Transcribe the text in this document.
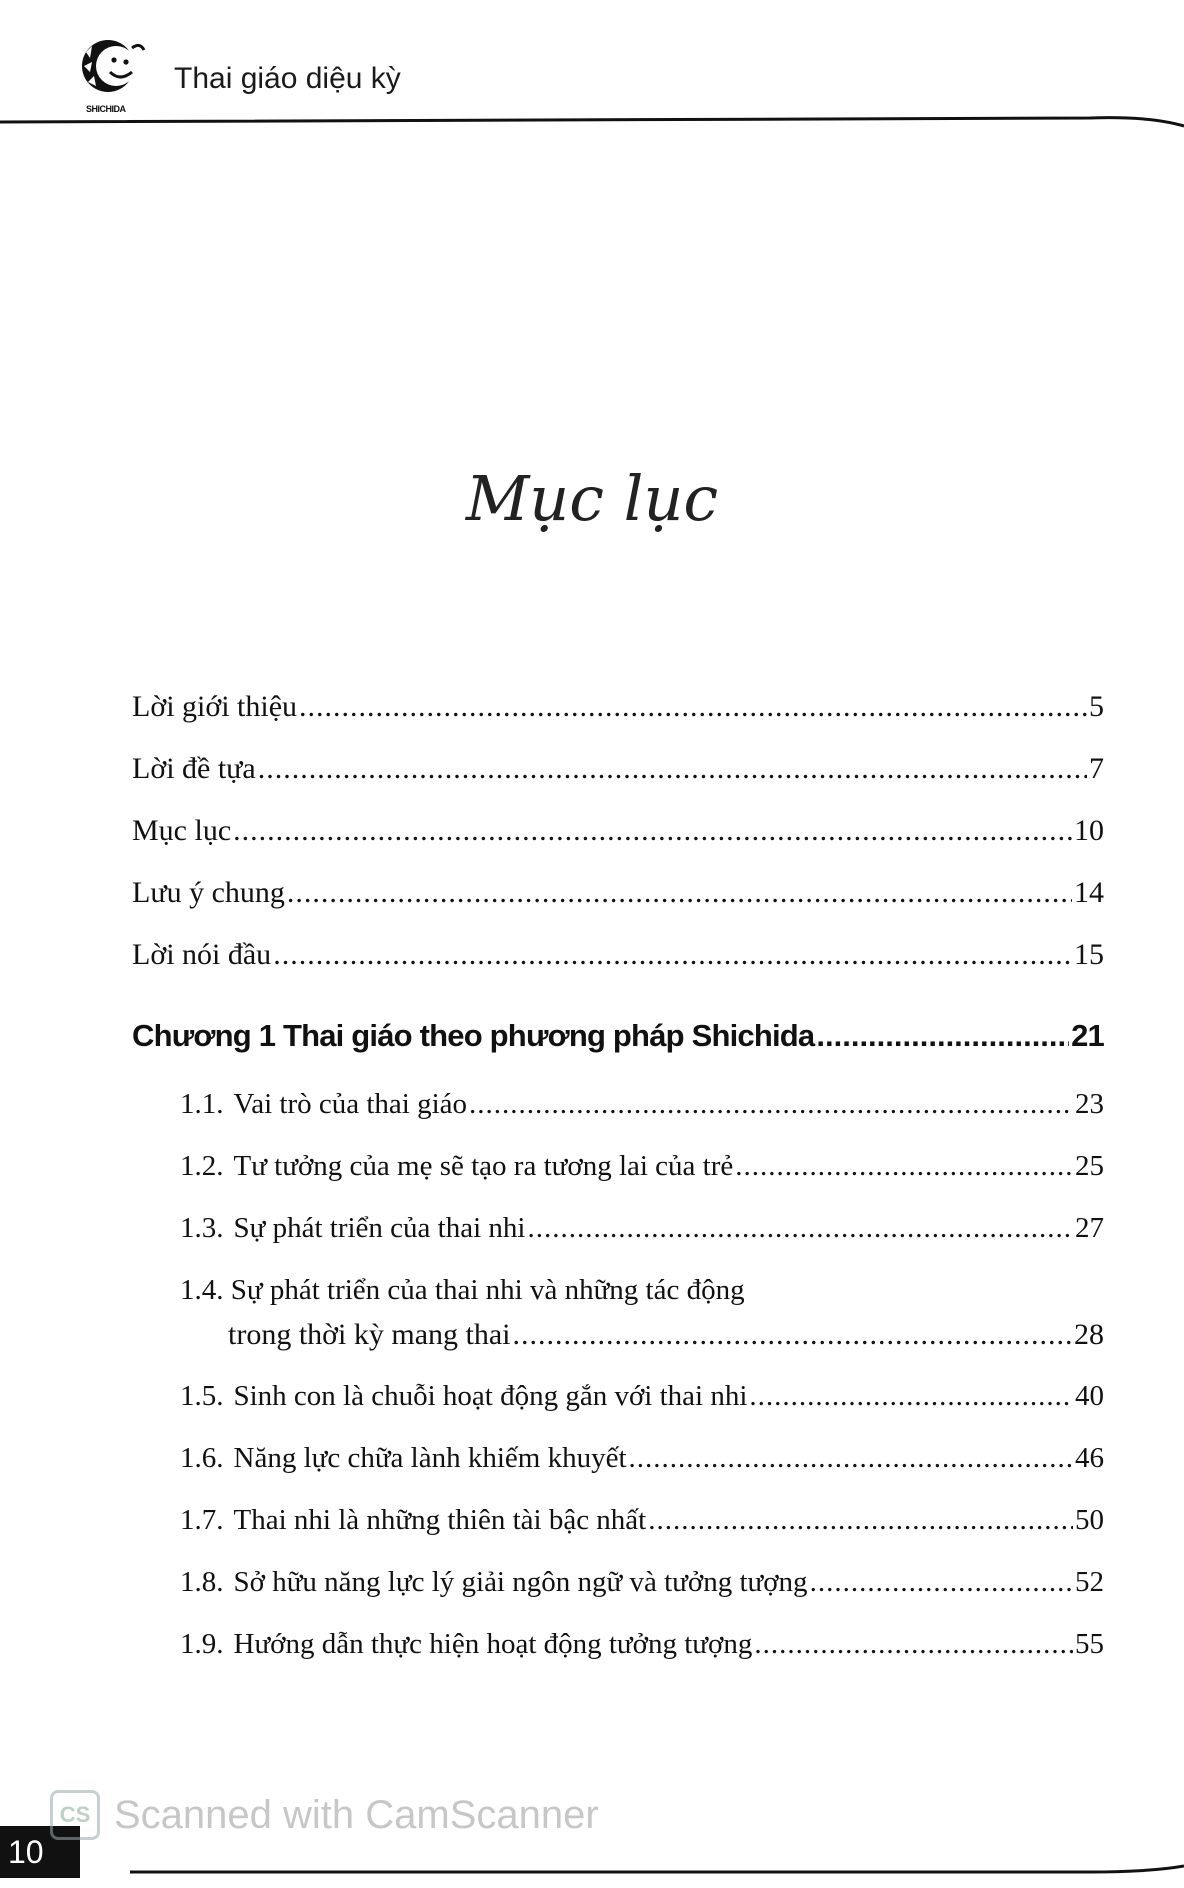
SHICHIDA
Thai giáo diệu kỳ
Mục lục
Lời giới thiệu .....	5
Lời đề tựa .....	7
Mục lục .....	10
Lưu ý chung .....	14
Lời nói đầu .....	15
Chương 1 Thai giáo theo phương pháp Shichida .....	21
1.1. Vai trò của thai giáo .....	23
1.2. Tư tưởng của mẹ sẽ tạo ra tương lai của trẻ .....	25
1.3. Sự phát triển của thai nhi .....	27
1.4. Sự phát triển của thai nhi và những tác động
trong thời kỳ mang thai .....	28
1.5. Sinh con là chuỗi hoạt động gắn với thai nhi .....	40
1.6. Năng lực chữa lành khiếm khuyết .....	46
1.7. Thai nhi là những thiên tài bậc nhất .....	50
1.8. Sở hữu năng lực lý giải ngôn ngữ và tưởng tượng .....	52
1.9. Hướng dẫn thực hiện hoạt động tưởng tượng .....	55
10
CS Scanned with CamScanner
